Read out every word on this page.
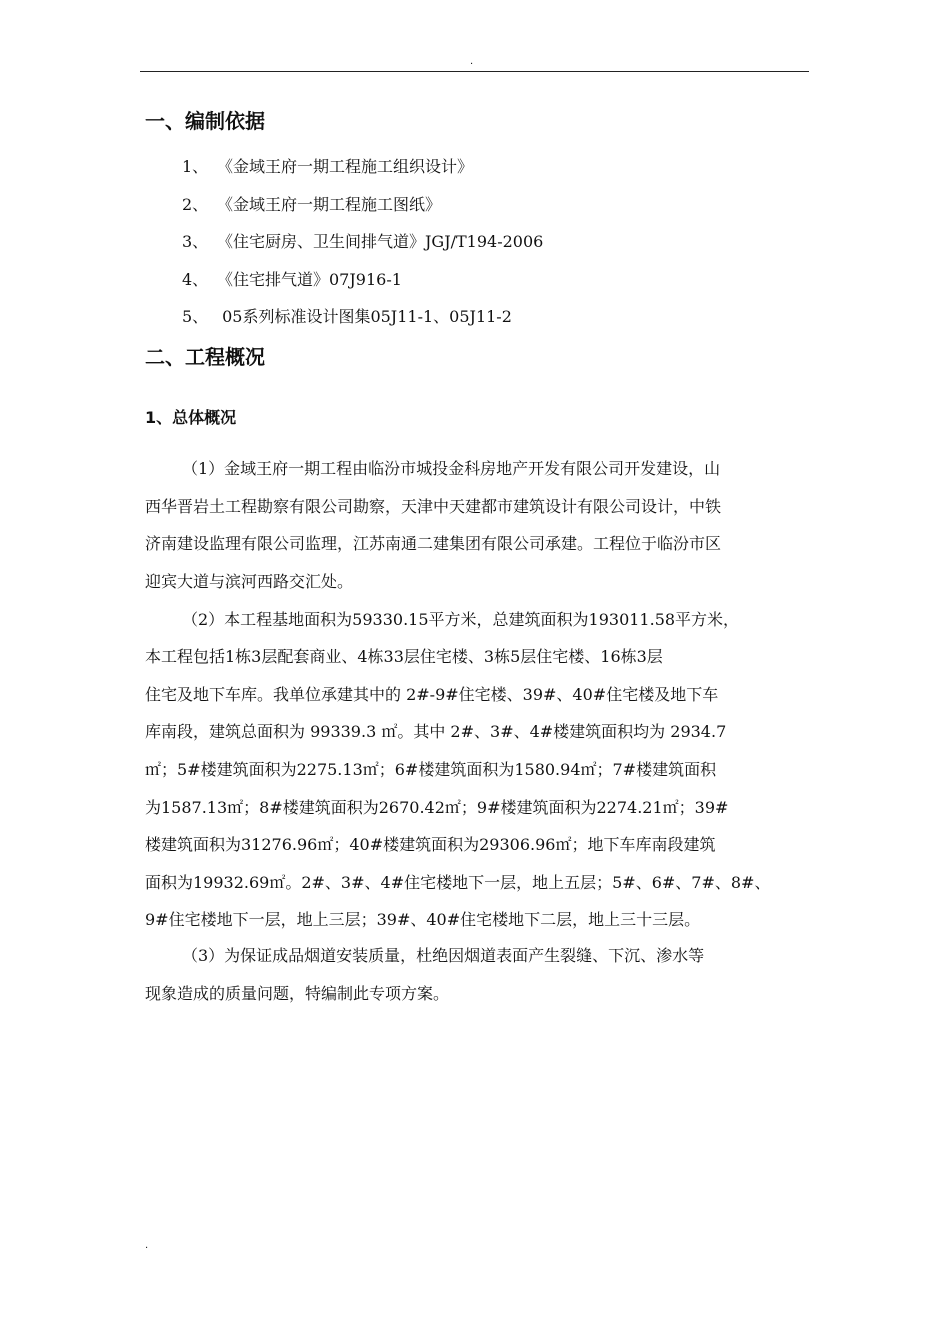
.
一、编制依据
1、 《金域王府一期工程施工组织设计》
2、 《金域王府一期工程施工图纸》
3、 《住宅厨房、卫生间排气道》JGJ/T194-2006
4、 《住宅排气道》07J916-1
5、 05系列标准设计图集05J11-1、05J11-2
二、工程概况
1、总体概况
（1）金域王府一期工程由临汾市城投金科房地产开发有限公司开发建设，山
西华晋岩土工程勘察有限公司勘察，天津中天建都市建筑设计有限公司设计，中铁
济南建设监理有限公司监理，江苏南通二建集团有限公司承建。工程位于临汾市区
迎宾大道与滨河西路交汇处。
（2）本工程基地面积为59330.15平方米，总建筑面积为193011.58平方米，
本工程包括1栋3层配套商业、4栋33层住宅楼、3栋5层住宅楼、16栋3层
住宅及地下车库。我单位承建其中的 2#-9#住宅楼、39#、40#住宅楼及地下车
库南段，建筑总面积为 99339.3 ㎡。其中 2#、3#、4#楼建筑面积均为 2934.7
㎡；5#楼建筑面积为2275.13㎡；6#楼建筑面积为1580.94㎡；7#楼建筑面积
为1587.13㎡；8#楼建筑面积为2670.42㎡；9#楼建筑面积为2274.21㎡；39#
楼建筑面积为31276.96㎡；40#楼建筑面积为29306.96㎡；地下车库南段建筑
面积为19932.69㎡。2#、3#、4#住宅楼地下一层，地上五层；5#、6#、7#、8#、
9#住宅楼地下一层，地上三层；39#、40#住宅楼地下二层，地上三十三层。
（3）为保证成品烟道安装质量，杜绝因烟道表面产生裂缝、下沉、渗水等
现象造成的质量问题，特编制此专项方案。
.
